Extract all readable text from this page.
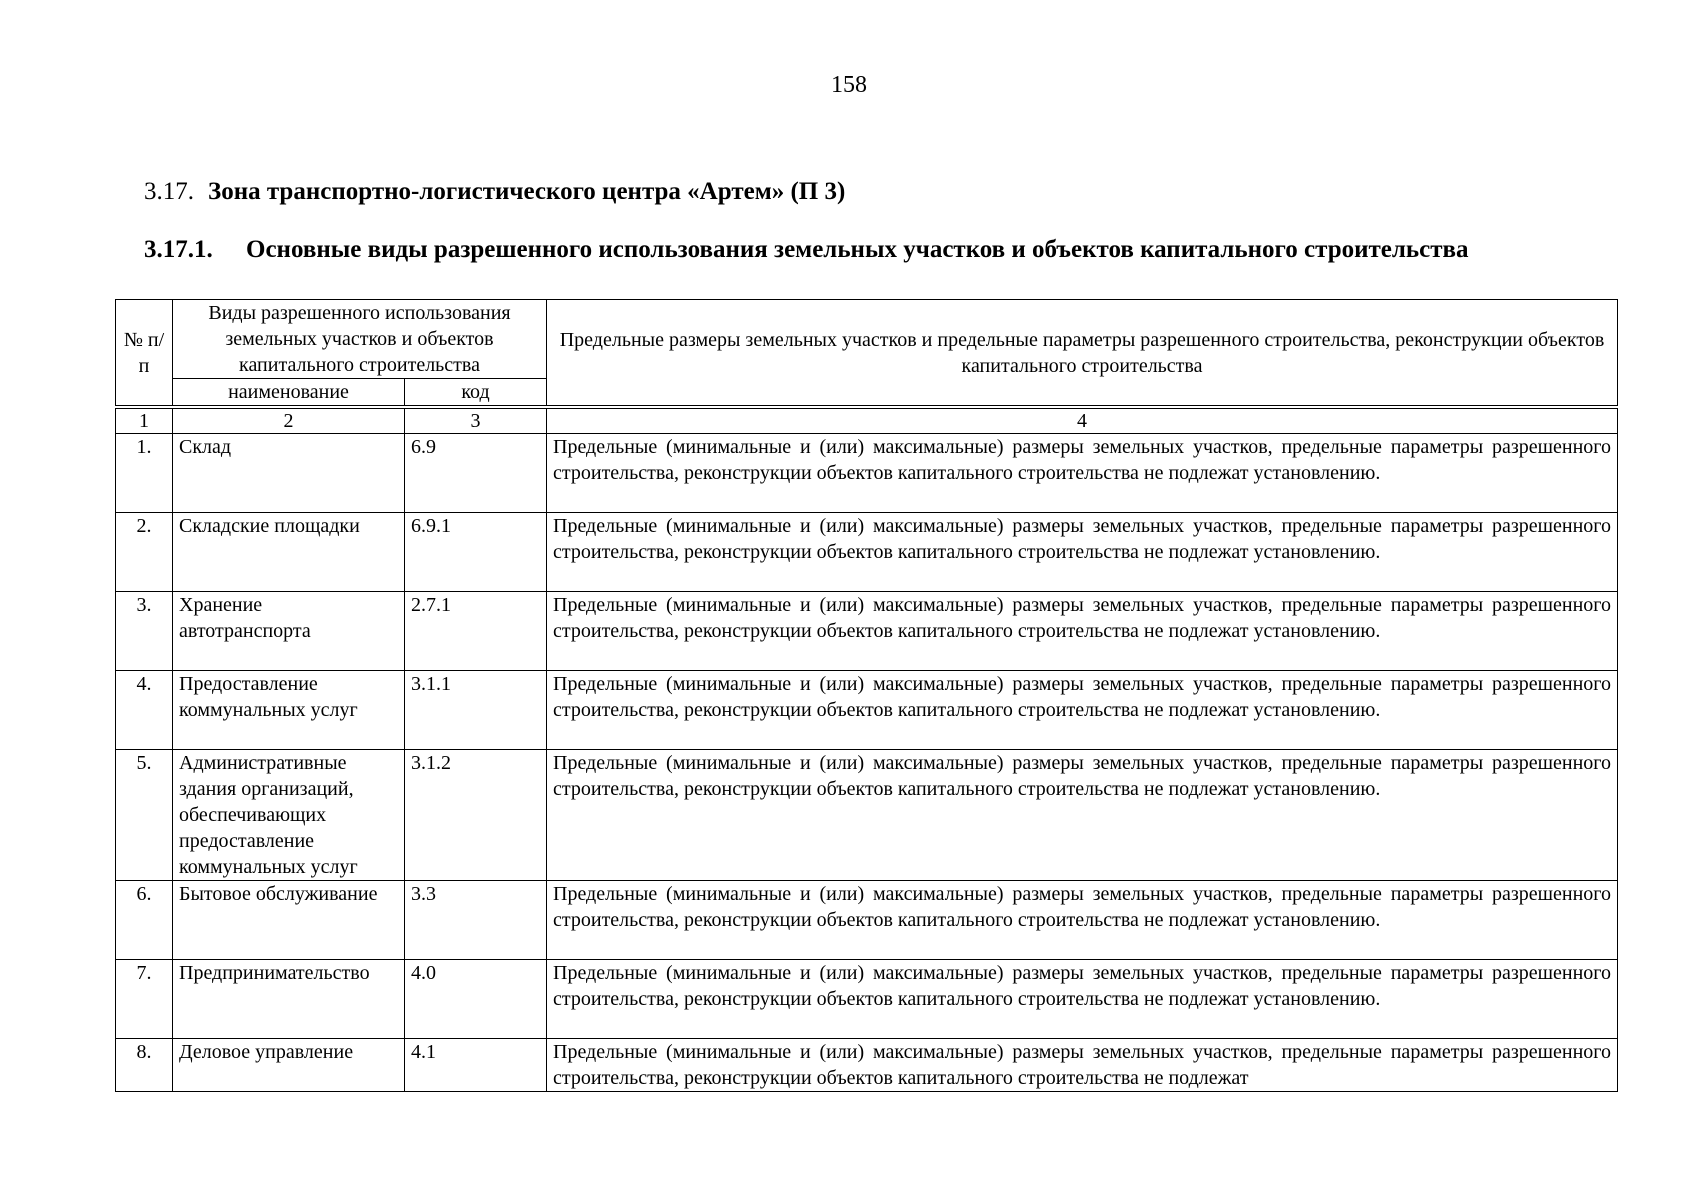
158
3.17. Зона транспортно-логистического центра «Артем» (П 3)
3.17.1.	Основные виды разрешенного использования земельных участков и объектов капитального строительства
№ п/п	Виды разрешенного использования земельных участков и объектов капитального строительства		Предельные размеры земельных участков и предельные параметры разрешенного строительства, реконструкции объектов капитального строительства
	наименование	код	
1	2	3	4
1.	Склад	6.9	Предельные (минимальные и (или) максимальные) размеры земельных участков, предельные параметры разрешенного строительства, реконструкции объектов капитального строительства не подлежат установлению.
2.	Складские площадки	6.9.1	Предельные (минимальные и (или) максимальные) размеры земельных участков, предельные параметры разрешенного строительства, реконструкции объектов капитального строительства не подлежат установлению.
3.	Хранение автотранспорта	2.7.1	Предельные (минимальные и (или) максимальные) размеры земельных участков, предельные параметры разрешенного строительства, реконструкции объектов капитального строительства не подлежат установлению.
4.	Предоставление коммунальных услуг	3.1.1	Предельные (минимальные и (или) максимальные) размеры земельных участков, предельные параметры разрешенного строительства, реконструкции объектов капитального строительства не подлежат установлению.
5.	Административные здания организаций, обеспечивающих предоставление коммунальных услуг	3.1.2	Предельные (минимальные и (или) максимальные) размеры земельных участков, предельные параметры разрешенного строительства, реконструкции объектов капитального строительства не подлежат установлению.
6.	Бытовое обслуживание	3.3	Предельные (минимальные и (или) максимальные) размеры земельных участков, предельные параметры разрешенного строительства, реконструкции объектов капитального строительства не подлежат установлению.
7.	Предпринимательство	4.0	Предельные (минимальные и (или) максимальные) размеры земельных участков, предельные параметры разрешенного строительства, реконструкции объектов капитального строительства не подлежат установлению.
8.	Деловое управление	4.1	Предельные (минимальные и (или) максимальные) размеры земельных участков, предельные параметры разрешенного строительства, реконструкции объектов капитального строительства не подлежат
